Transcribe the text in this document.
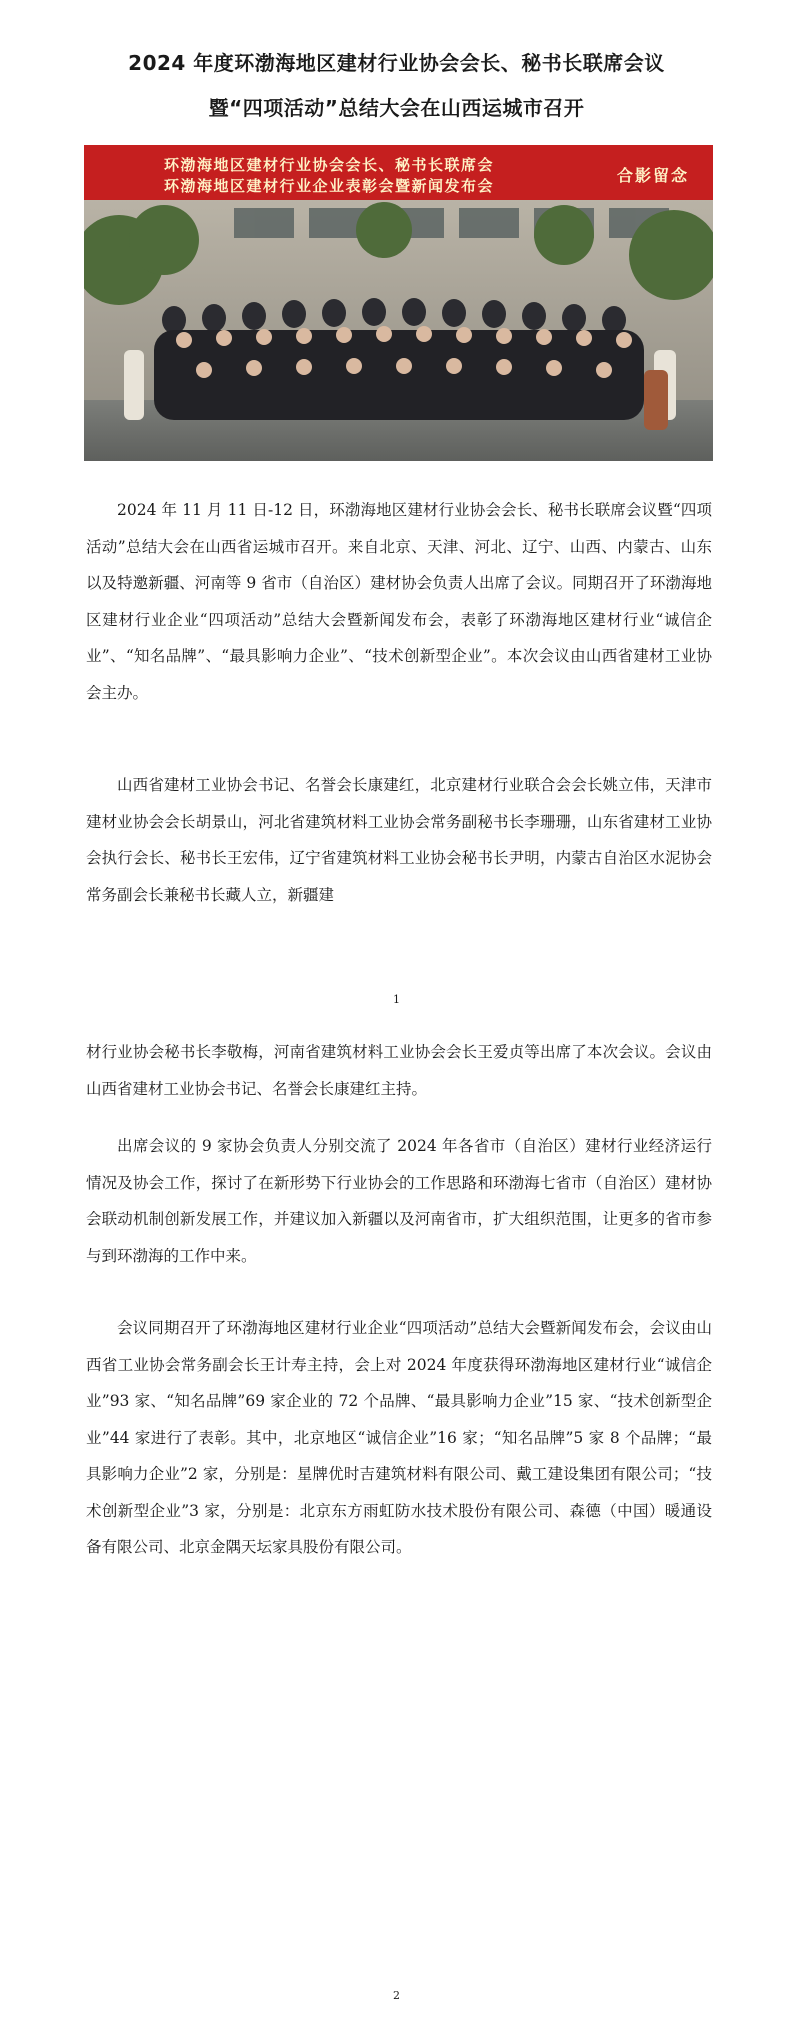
2024 年度环渤海地区建材行业协会会长、秘书长联席会议
暨“四项活动”总结大会在山西运城市召开
环渤海地区建材行业协会会长、秘书长联席会
环渤海地区建材行业企业表彰会暨新闻发布会
合影留念

2024 年 11 月 11 日-12 日，环渤海地区建材行业协会会长、秘书长联席会议暨“四项活动”总结大会在山西省运城市召开。来自北京、天津、河北、辽宁、山西、内蒙古、山东以及特邀新疆、河南等 9 省市（自治区）建材协会负责人出席了会议。同期召开了环渤海地区建材行业企业“四项活动”总结大会暨新闻发布会，表彰了环渤海地区建材行业“诚信企业”、“知名品牌”、“最具影响力企业”、“技术创新型企业”。本次会议由山西省建材工业协会主办。

山西省建材工业协会书记、名誉会长康建红，北京建材行业联合会会长姚立伟，天津市建材业协会会长胡景山，河北省建筑材料工业协会常务副秘书长李珊珊，山东省建材工业协会执行会长、秘书长王宏伟，辽宁省建筑材料工业协会秘书长尹明，内蒙古自治区水泥协会常务副会长兼秘书长藏人立，新疆建

1

材行业协会秘书长李敬梅，河南省建筑材料工业协会会长王爱贞等出席了本次会议。会议由山西省建材工业协会书记、名誉会长康建红主持。

出席会议的 9 家协会负责人分别交流了 2024 年各省市（自治区）建材行业经济运行情况及协会工作，探讨了在新形势下行业协会的工作思路和环渤海七省市（自治区）建材协会联动机制创新发展工作，并建议加入新疆以及河南省市，扩大组织范围，让更多的省市参与到环渤海的工作中来。

会议同期召开了环渤海地区建材行业企业“四项活动”总结大会暨新闻发布会，会议由山西省工业协会常务副会长王计寿主持，会上对 2024 年度获得环渤海地区建材行业“诚信企业”93 家、“知名品牌”69 家企业的 72 个品牌、“最具影响力企业”15 家、“技术创新型企业”44 家进行了表彰。其中，北京地区“诚信企业”16 家；“知名品牌”5 家 8 个品牌；“最具影响力企业”2 家，分别是：星牌优时吉建筑材料有限公司、戴工建设集团有限公司；“技术创新型企业”3 家，分别是：北京东方雨虹防水技术股份有限公司、森德（中国）暖通设备有限公司、北京金隅天坛家具股份有限公司。

2
